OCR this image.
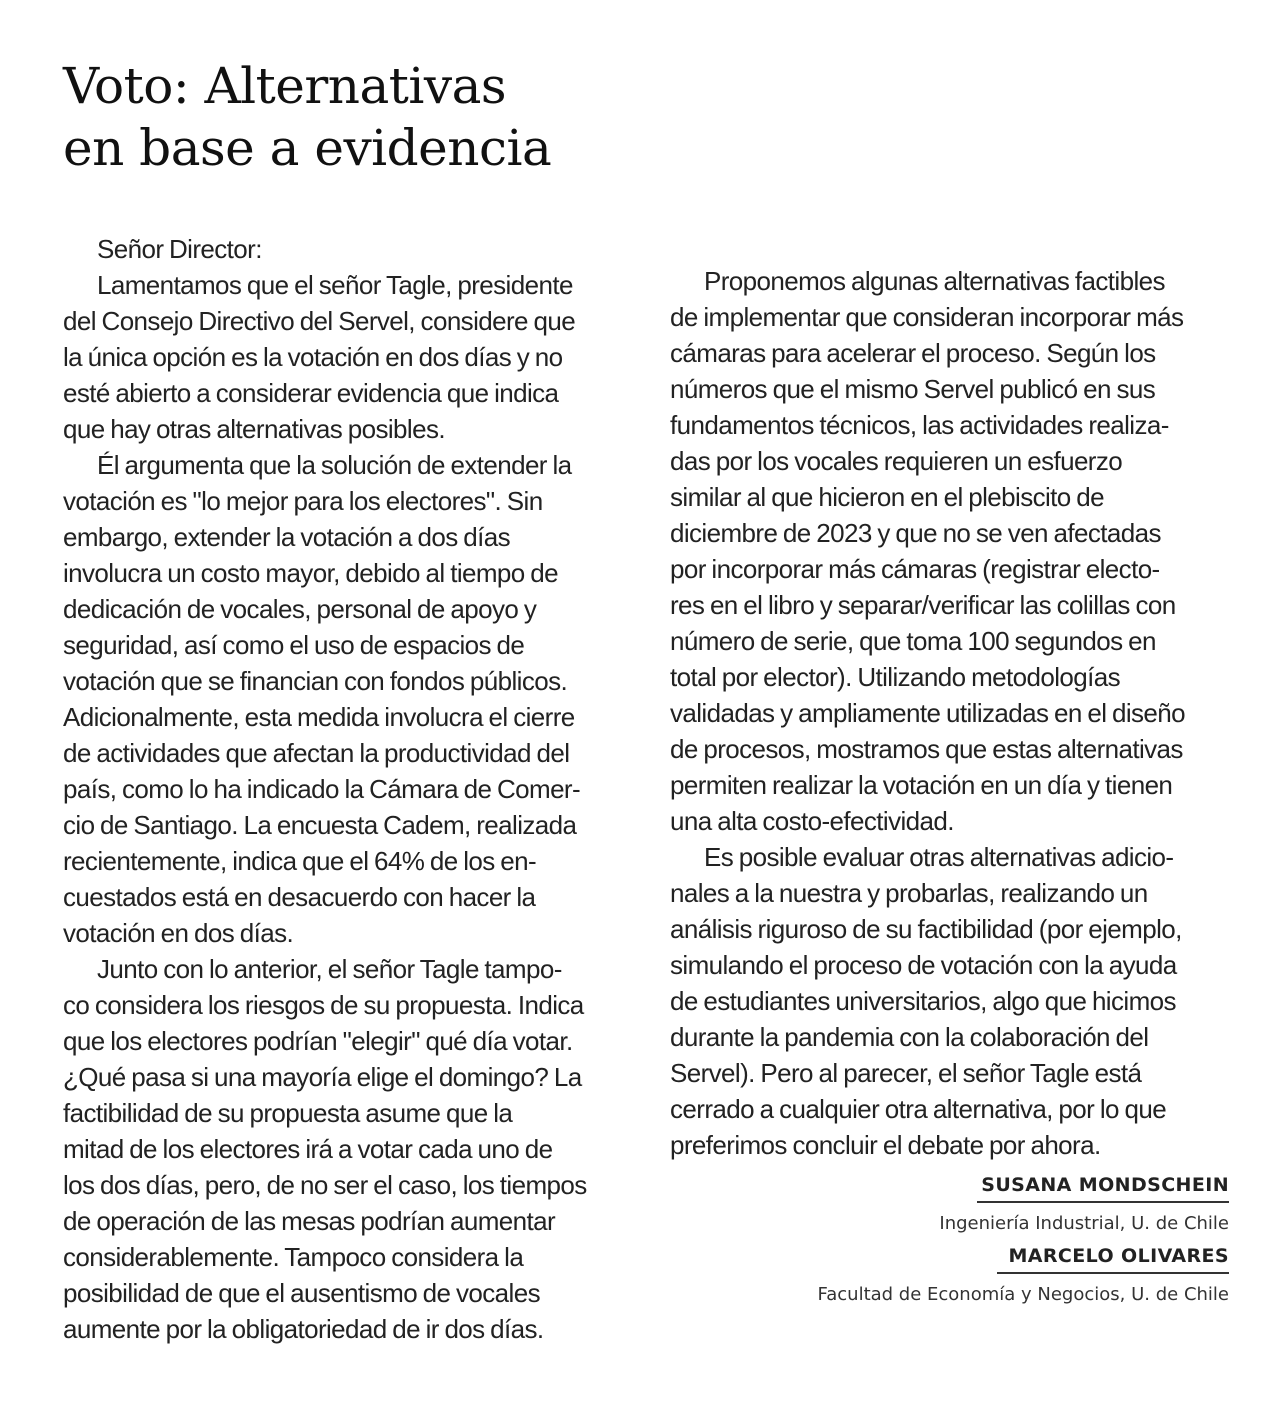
Voto: Alternativas
en base a evidencia
Señor Director:
Lamentamos que el señor Tagle, presidente
del Consejo Directivo del Servel, considere que
la única opción es la votación en dos días y no
esté abierto a considerar evidencia que indica
que hay otras alternativas posibles.
Él argumenta que la solución de extender la
votación es "lo mejor para los electores". Sin
embargo, extender la votación a dos días
involucra un costo mayor, debido al tiempo de
dedicación de vocales, personal de apoyo y
seguridad, así como el uso de espacios de
votación que se financian con fondos públicos.
Adicionalmente, esta medida involucra el cierre
de actividades que afectan la productividad del
país, como lo ha indicado la Cámara de Comer-
cio de Santiago. La encuesta Cadem, realizada
recientemente, indica que el 64% de los en-
cuestados está en desacuerdo con hacer la
votación en dos días.
Junto con lo anterior, el señor Tagle tampo-
co considera los riesgos de su propuesta. Indica
que los electores podrían "elegir" qué día votar.
¿Qué pasa si una mayoría elige el domingo? La
factibilidad de su propuesta asume que la
mitad de los electores irá a votar cada uno de
los dos días, pero, de no ser el caso, los tiempos
de operación de las mesas podrían aumentar
considerablemente. Tampoco considera la
posibilidad de que el ausentismo de vocales
aumente por la obligatoriedad de ir dos días.
Proponemos algunas alternativas factibles
de implementar que consideran incorporar más
cámaras para acelerar el proceso. Según los
números que el mismo Servel publicó en sus
fundamentos técnicos, las actividades realiza-
das por los vocales requieren un esfuerzo
similar al que hicieron en el plebiscito de
diciembre de 2023 y que no se ven afectadas
por incorporar más cámaras (registrar electo-
res en el libro y separar/verificar las colillas con
número de serie, que toma 100 segundos en
total por elector). Utilizando metodologías
validadas y ampliamente utilizadas en el diseño
de procesos, mostramos que estas alternativas
permiten realizar la votación en un día y tienen
una alta costo-efectividad.
Es posible evaluar otras alternativas adicio-
nales a la nuestra y probarlas, realizando un
análisis riguroso de su factibilidad (por ejemplo,
simulando el proceso de votación con la ayuda
de estudiantes universitarios, algo que hicimos
durante la pandemia con la colaboración del
Servel). Pero al parecer, el señor Tagle está
cerrado a cualquier otra alternativa, por lo que
preferimos concluir el debate por ahora.
SUSANA MONDSCHEIN
Ingeniería Industrial, U. de Chile
MARCELO OLIVARES
Facultad de Economía y Negocios, U. de Chile
